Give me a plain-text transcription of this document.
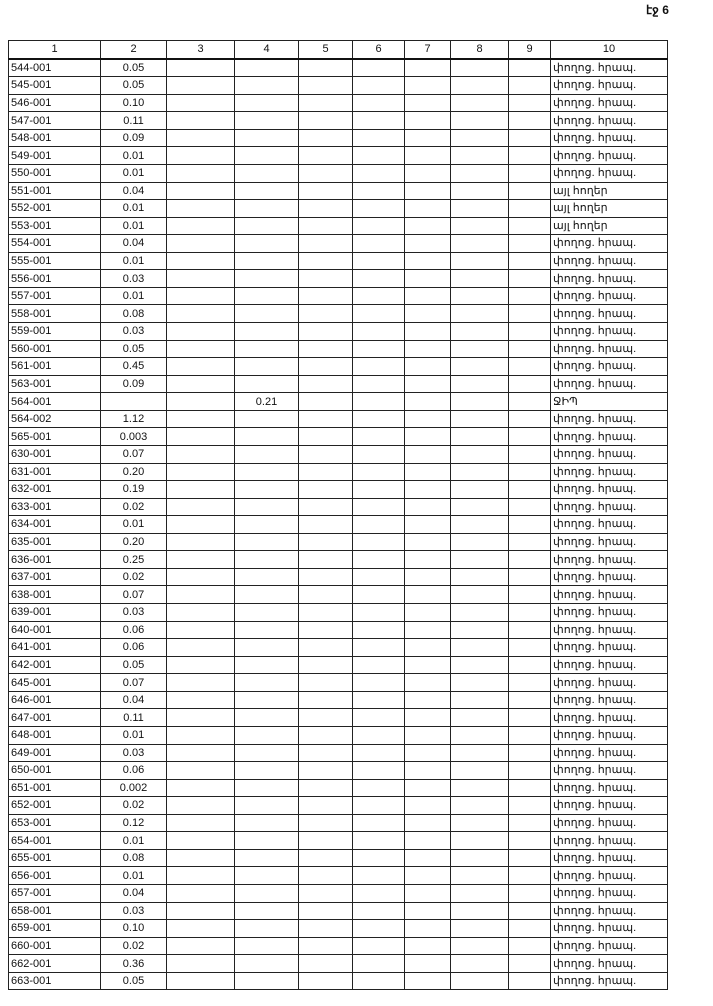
էջ 6
1	2	3	4	5	6	7	8	9	10
544-001	0.05								փողոց. հրապ.
545-001	0.05								փողոց. հրապ.
546-001	0.10								փողոց. հրապ.
547-001	0.11								փողոց. հրապ.
548-001	0.09								փողոց. հրապ.
549-001	0.01								փողոց. հրապ.
550-001	0.01								փողոց. հրապ.
551-001	0.04								այլ հողեր
552-001	0.01								այլ հողեր
553-001	0.01								այլ հողեր
554-001	0.04								փողոց. հրապ.
555-001	0.01								փողոց. հրապ.
556-001	0.03								փողոց. հրապ.
557-001	0.01								փողոց. հրապ.
558-001	0.08								փողոց. հրապ.
559-001	0.03								փողոց. հրապ.
560-001	0.05								փողոց. հրապ.
561-001	0.45								փողոց. հրապ.
563-001	0.09								փողոց. հրապ.
564-001			0.21						ՋԻՊ
564-002	1.12								փողոց. հրապ.
565-001	0.003								փողոց. հրապ.
630-001	0.07								փողոց. հրապ.
631-001	0.20								փողոց. հրապ.
632-001	0.19								փողոց. հրապ.
633-001	0.02								փողոց. հրապ.
634-001	0.01								փողոց. հրապ.
635-001	0.20								փողոց. հրապ.
636-001	0.25								փողոց. հրապ.
637-001	0.02								փողոց. հրապ.
638-001	0.07								փողոց. հրապ.
639-001	0.03								փողոց. հրապ.
640-001	0.06								փողոց. հրապ.
641-001	0.06								փողոց. հրապ.
642-001	0.05								փողոց. հրապ.
645-001	0.07								փողոց. հրապ.
646-001	0.04								փողոց. հրապ.
647-001	0.11								փողոց. հրապ.
648-001	0.01								փողոց. հրապ.
649-001	0.03								փողոց. հրապ.
650-001	0.06								փողոց. հրապ.
651-001	0.002								փողոց. հրապ.
652-001	0.02								փողոց. հրապ.
653-001	0.12								փողոց. հրապ.
654-001	0.01								փողոց. հրապ.
655-001	0.08								փողոց. հրապ.
656-001	0.01								փողոց. հրապ.
657-001	0.04								փողոց. հրապ.
658-001	0.03								փողոց. հրապ.
659-001	0.10								փողոց. հրապ.
660-001	0.02								փողոց. հրապ.
662-001	0.36								փողոց. հրապ.
663-001	0.05								փողոց. հրապ.
